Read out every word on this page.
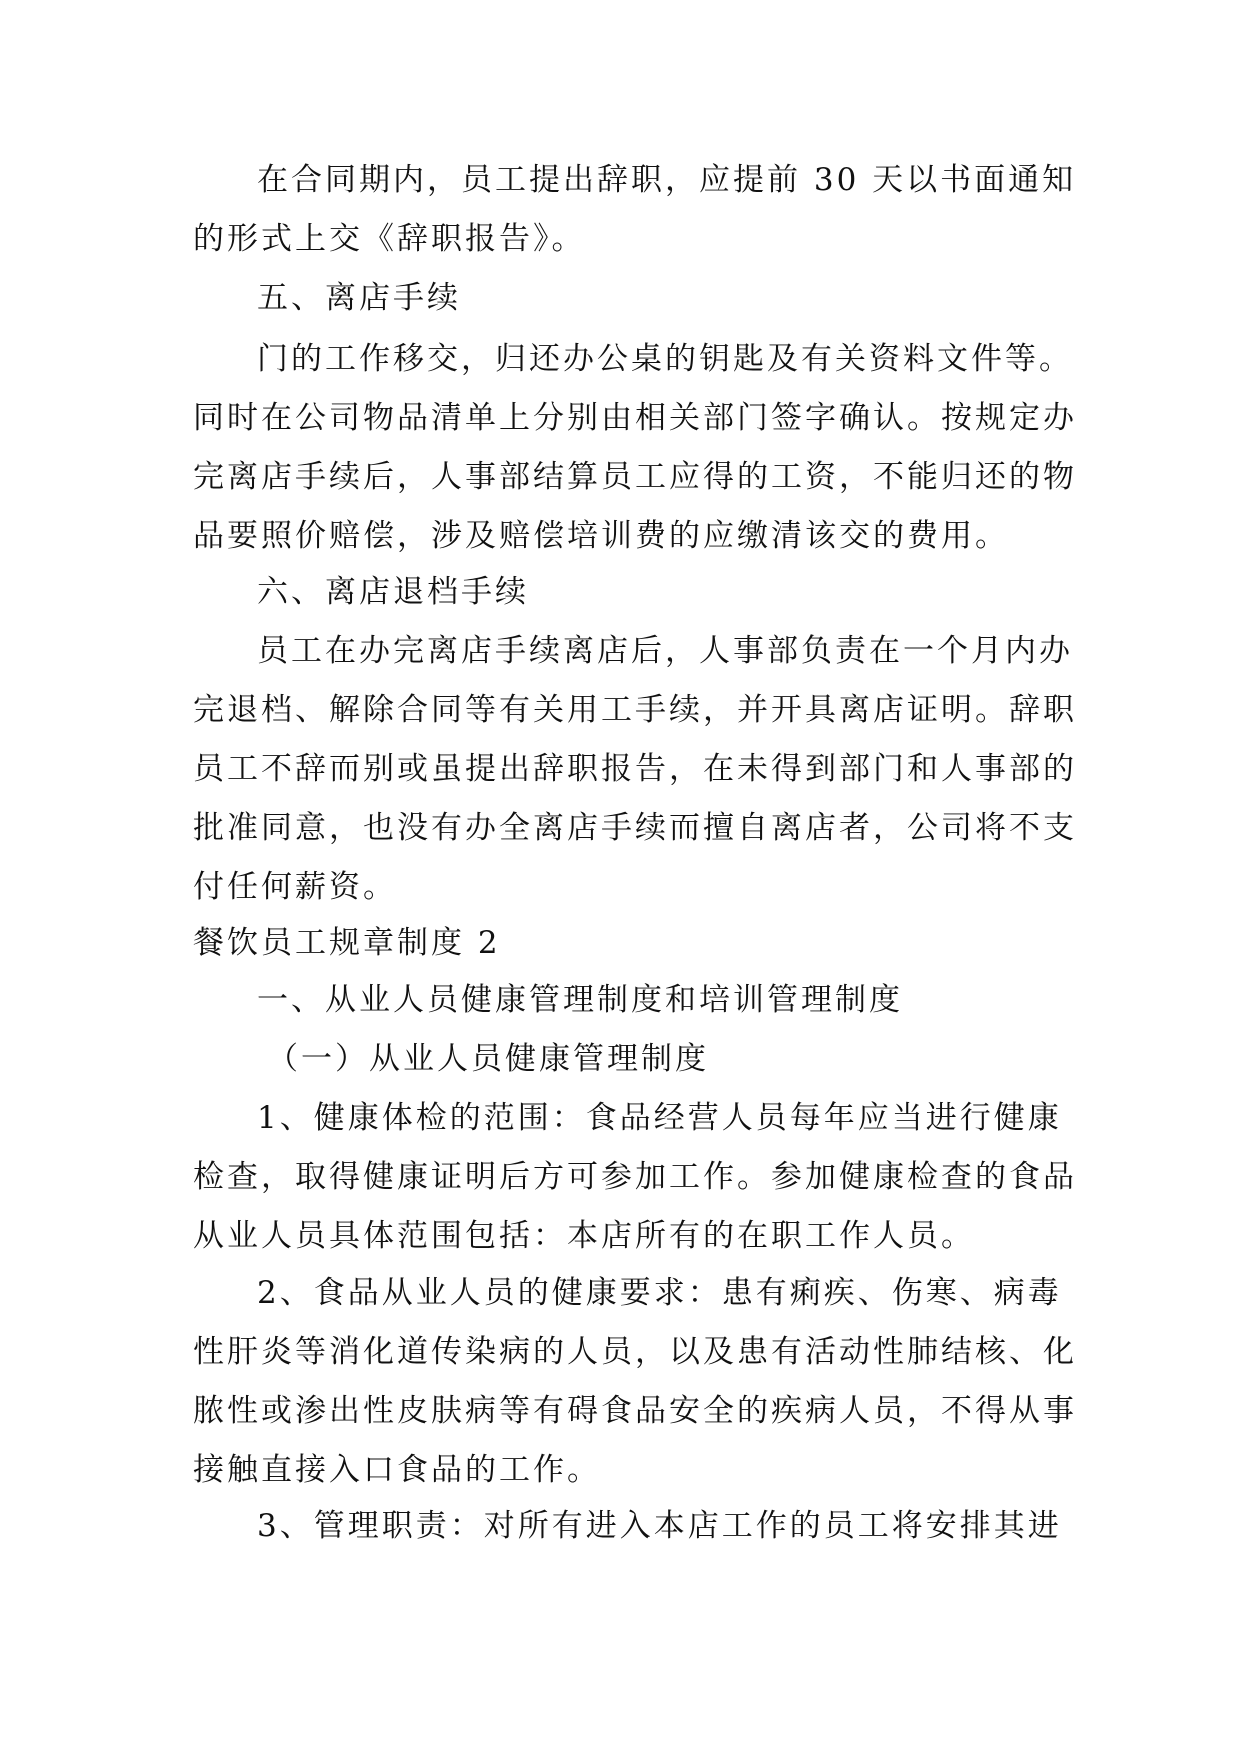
在合同期内，员工提出辞职，应提前 30 天以书面通知
的形式上交《辞职报告》。
五、离店手续
门的工作移交，归还办公桌的钥匙及有关资料文件等。
同时在公司物品清单上分别由相关部门签字确认。按规定办
完离店手续后，人事部结算员工应得的工资，不能归还的物
品要照价赔偿，涉及赔偿培训费的应缴清该交的费用。
六、离店退档手续
员工在办完离店手续离店后，人事部负责在一个月内办
完退档、解除合同等有关用工手续，并开具离店证明。辞职
员工不辞而别或虽提出辞职报告，在未得到部门和人事部的
批准同意，也没有办全离店手续而擅自离店者，公司将不支
付任何薪资。
餐饮员工规章制度 2
一、从业人员健康管理制度和培训管理制度
（一）从业人员健康管理制度
1、健康体检的范围：食品经营人员每年应当进行健康
检查，取得健康证明后方可参加工作。参加健康检查的食品
从业人员具体范围包括：本店所有的在职工作人员。
2、食品从业人员的健康要求：患有痢疾、伤寒、病毒
性肝炎等消化道传染病的人员，以及患有活动性肺结核、化
脓性或渗出性皮肤病等有碍食品安全的疾病人员，不得从事
接触直接入口食品的工作。
3、管理职责：对所有进入本店工作的员工将安排其进
